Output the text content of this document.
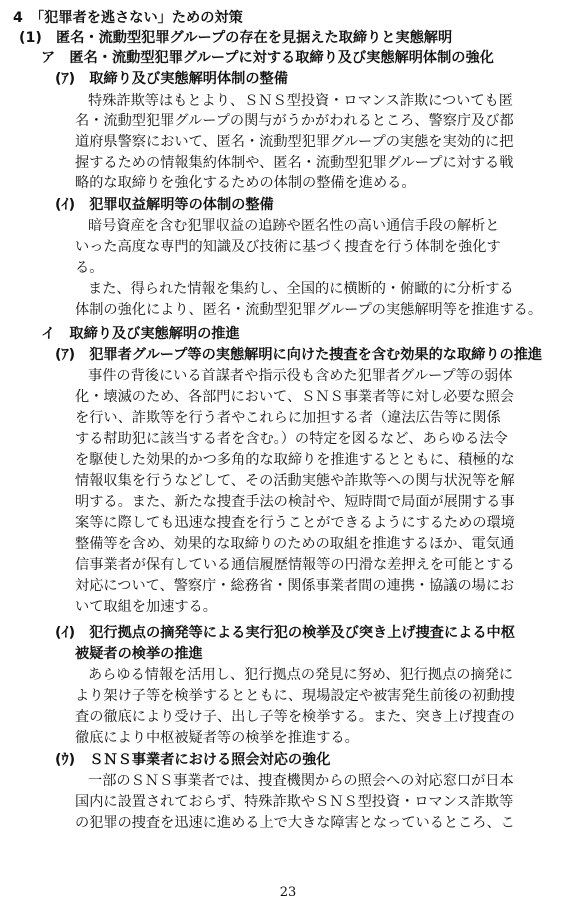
4　「犯罪者を逃さない」ための対策
(1)　匿名・流動型犯罪グループの存在を見据えた取締りと実態解明
ア　匿名・流動型犯罪グループに対する取締り及び実態解明体制の強化
(ｱ)　取締り及び実態解明体制の整備
特殊詐欺等はもとより、ＳＮＳ型投資・ロマンス詐欺についても匿
名・流動型犯罪グループの関与がうかがわれるところ、警察庁及び都
道府県警察において、匿名・流動型犯罪グループの実態を実効的に把
握するための情報集約体制や、匿名・流動型犯罪グループに対する戦
略的な取締りを強化するための体制の整備を進める。
(ｲ)　犯罪収益解明等の体制の整備
暗号資産を含む犯罪収益の追跡や匿名性の高い通信手段の解析と
いった高度な専門的知識及び技術に基づく捜査を行う体制を強化す
る。
また、得られた情報を集約し、全国的に横断的・俯瞰的に分析する
体制の強化により、匿名・流動型犯罪グループの実態解明等を推進する。
イ　取締り及び実態解明の推進
(ｱ)　犯罪者グループ等の実態解明に向けた捜査を含む効果的な取締りの推進
事件の背後にいる首謀者や指示役も含めた犯罪者グループ等の弱体
化・壊滅のため、各部門において、ＳＮＳ事業者等に対し必要な照会
を行い、詐欺等を行う者やこれらに加担する者（違法広告等に関係
する幇助犯に該当する者を含む。）の特定を図るなど、あらゆる法令
を駆使した効果的かつ多角的な取締りを推進するとともに、積極的な
情報収集を行うなどして、その活動実態や詐欺等への関与状況等を解
明する。また、新たな捜査手法の検討や、短時間で局面が展開する事
案等に際しても迅速な捜査を行うことができるようにするための環境
整備等を含め、効果的な取締りのための取組を推進するほか、電気通
信事業者が保有している通信履歴情報等の円滑な差押えを可能とする
対応について、警察庁・総務省・関係事業者間の連携・協議の場にお
いて取組を加速する。
(ｲ)　犯行拠点の摘発等による実行犯の検挙及び突き上げ捜査による中枢
被疑者の検挙の推進
あらゆる情報を活用し、犯行拠点の発見に努め、犯行拠点の摘発に
より架け子等を検挙するとともに、現場設定や被害発生前後の初動捜
査の徹底により受け子、出し子等を検挙する。また、突き上げ捜査の
徹底により中枢被疑者等の検挙を推進する。
(ｳ)　ＳＮＳ事業者における照会対応の強化
一部のＳＮＳ事業者では、捜査機関からの照会への対応窓口が日本
国内に設置されておらず、特殊詐欺やＳＮＳ型投資・ロマンス詐欺等
の犯罪の捜査を迅速に進める上で大きな障害となっているところ、こ
23
